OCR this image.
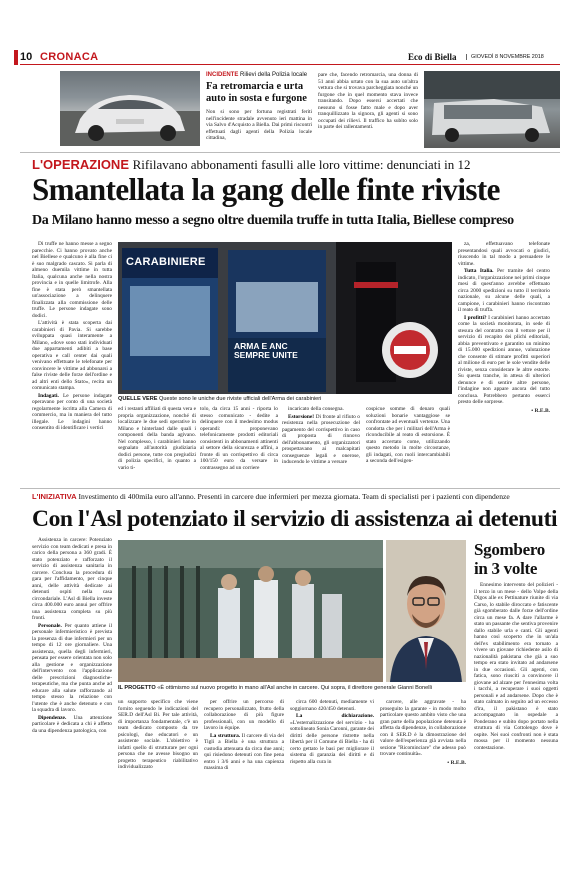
10 CRONACA	Eco di Biella	GIOVEDÌ 8 NOVEMBRE 2018
INCIDENTE Rilievi della Polizia locale
Fa retromarcia e urta auto in sosta e furgone
Non si sono per fortuna registrati feriti nell'incidente stradale avvenuto ieri mattina in via Salvo d'Acquisto a Biella. Dai primi riscontri effettuati dagli agenti della Polizia locale cittadina,
pare che, facendo retromarcia, una donna di 51 anni abbia urtato con la sua auto un'altra vettura che si trovava parcheggiata nonché un furgone che in quel momento stava invece transitando. Dopo essersi accertati che nessuno si fosse fatto male e dopo aver tranquillizzato la signora, gli agenti si sono occupati dei rilievi. Il traffico ha subìto solo in parte dei rallentamenti.
L'OPERAZIONE Rifilavano abbonamenti fasulli alle loro vittime: denunciati in 12
Smantellata la gang delle finte riviste
Da Milano hanno messo a segno oltre duemila truffe in tutta Italia, Biellese compreso

Di truffe ne hanno messe a segno parecchie. Ci hanno provato anche nel Biellese e qualcuno è alla fine ci è suo malgrado cascato. Si parla di almeno duemila vittime in tutta Italia, qualcuna anche nella nostra provincia e in quelle limitrofe. Alla fine è stata però smantellata un'associazione a delinquere finalizzata alla commissione delle truffe. Le persone indagate sono dodici.

L'attività è stata scoperta dai carabinieri di Pavia. Si sarebbe sviluppata quasi interamente a Milano, «dove sono stati individuati due appartamenti adibiti a base operativa e call center dai quali venivano effettuate le telefonate per convincere le vittime ad abbonarsi a false riviste delle forze dell'ordine e ad altri enti dello Stato», recita un comunicato stampa.

Indagati. Le persone indagate operavano per conto di una società regolarmente iscritta alla Camera di commercio, ma in maniera del tutto illegale. Le indagini hanno consentito di identificare i vertici

CARABINIERE
ARMA E ANC SEMPRE UNITE
QUELLE VERE Queste sono le uniche due riviste ufficiali dell'Arma dei carabinieri
ed i restanti affiliati di questa vera e propria organizzazione, nonché di localizzare le due sedi operative in Milano e hinterland dalle quali i componenti della banda agivano. Nel complesso, i carabinieri hanno segnalato all'autorità giudiziaria dodici persone, tutte con pregiudizi di polizia specifici, in quanto a vario ti-
tolo, da circa 15 anni - riporta lo stesso comunicato - dedite a delinquere con il medesimo modus operandi: proponevano telefonicamente prodotti editoriali consistenti in abbonamenti attinenti al settore della sicurezza e affini, a fronte di un corrispettivo di circa 100/150 euro da versare in contrassegno ad un corriere

incaricato della consegna.

Estorsione! Di fronte al rifiuto o resistenza nella prosecuzione del pagamento del corrispettivo in caso di proposta di rinnovo dell'abbonamento, gli organizzatori prospettavano ai malcapitati conseguenze legali e onerose, inducendo le vittime a versare

cospicue somme di denaro quali soluzioni bonarie vantaggiose se confrontate ad eventuali vertenze. Una condotta che per i militari dell'Arma è riconducibile al reato di estorsione. È stato accertato come, utilizzando questo metodo in molte circostanze, gli indagati, con ruoli intercambiabili a seconda dell'esigen-

za, effettuavano telefonate presentandosi quali avvocati o giudici, riuscendo in tal modo a persuadere le vittime.

Tutta Italia. Per tramite del centro indicato, l'organizzazione nei primi cinque mesi di quest'anno avrebbe effettuato circa 2000 spedizioni su tutto il territorio nazionale, su alcune delle quali, a campione, i carabinieri hanno riscontrato il reato di truffa.

I profitti? I carabinieri hanno accertato come la società monitorata, in sede di stesura del contratto con il vettore per il servizio di recapito dei plichi editoriali, abbia preventivato e garantito un minimo di 15.000 spedizioni annue, valutazione che consente di stimare profitti superiori al milione di euro per le sole vendite delle riviste, senza considerare le altre estorte. Su questa tranche, in attesa di ulteriori denunce e di sentire altre persone, l'indagine non appare ancora del tutto conclusa. Potrebbero pertanto esserci presto delle sorprese.

• R.E.B.
L'INIZIATIVA Investimento di 400mila euro all'anno. Presenti in carcere due infermieri per mezza giornata. Team di specialisti per i pazienti con dipendenze
Con l'Asl potenziato il servizio di assistenza ai detenuti

Assistenza in carcere: Potenziato servizio con team dedicati e presa in carico della persona a 360 gradi. È stato potenziato e rafforzato il servizio di assistenza sanitaria in carcere. Conclusa la procedura di gara per l'affidamento, per cinque anni, delle attività dedicate ai detenuti ospiti nella casa circondariale. L'Asl di Biella investe circa 400.000 euro annui per offrire una assistenza completa su più fronti.

Personale. Per quanto attiene il personale infermieristico è prevista la presenza di due infermieri per un tempo di 12 ore giornaliere. Una assistenza, quella degli infermieri, pensata per essere orientata non solo alla gestione e organizzazione dell'intervento con l'applicazione delle prescrizioni diagnostiche-terapeutiche, ma che punta anche ad educare alla salute rafforzando al tempo stesso la relazione con l'utente che è anche detenuto e con la squadra di lavoro.

Dipendenze. Una attenzione particolare è dedicata a chi è affetto da una dipendenza patologica, con

IL PROGETTO «È ottimismo sul nuovo progetto in mano all'Asl anche in carcere. Qui sopra, il direttore generale Gianni Bonelli
un supporto specifico che viene fornito seguendo le indicazioni del SER.D dell'Asl Bi. Per tale attività, di importanza fondamentale, c'è un team dedicato composto da tre psicologi, due educatori e un assistente sociale. L'obiettivo è infatti quello di strutturare per ogni persona che ne avesse bisogno un progetto terapeutico riabilitativo individualizzato

per offrire un percorso di recupero personalizzato, frutto della collaborazione di più figure professionali, con un modello di lavoro in équipe.

La struttura. Il carcere di via del Tigli a Biella è una struttura a custodia attenuata da circa due anni; qui risiedono detenuti con fine pena entro i 3/6 anni e ha una capienza massima di

circa 600 detenuti, mediamente vi soggiornano 420/450 detenuti.

La dichiarazione. «L'esternalizzazione del servizio - ha sottolineato Sonia Caronni, garante dei diritti delle persone ristrette nella libertà per il Comune di Biella - ha di certo gettato le basi per migliorare il sistema di garanzia dei diritti e di rispetto alla cura in

carcere, alle aggravate - ha proseguito la garante - in modo molto particolare questo ambito visto che una gran parte della popolazione detenuta è affetta da dipendenze, in collaborazione con il SER.D è la dimostrazione del valore dell'esperienza già avviata nella sezione "Ricominciare" che adesso può trovare continuità».

• R.E.B.
Sgombero in 3 volte
Ennesimo intervento del polizieri - il terzo in un mese - dello Volpe della Digos alle ex Pettinature riunite di via Carso, lo stabile diroccato e fatiscente già sgomberato dalle forze dell'ordine circa un mese fa. A dare l'allarme è stato un passante che sentiva provenire dallo stabile urla e canti. Gli agenti hanno così scoperto che in un'ala dell'ex stabilimento era tornato a vivere un giovane richiedente asilo di nazionalità pakistana che già a suo tempo era stato invitato ad andarsene in due occasioni. Gli agenti, con fatica, sono riusciti a convincere il giovane ad alzare per l'ennesima volta i tacchi, a recuperare i suoi oggetti personali e ad andarsene. Dopo che è stato calmato in seguito ad un eccesso d'ira, il pakistano è stato accompagnato in ospedale a Ponderano e subito dopo portato nella struttura di via Cottolengo dove è ospite. Nei suoi confronti non è stata mossa per il momento nessuna contestazione.
